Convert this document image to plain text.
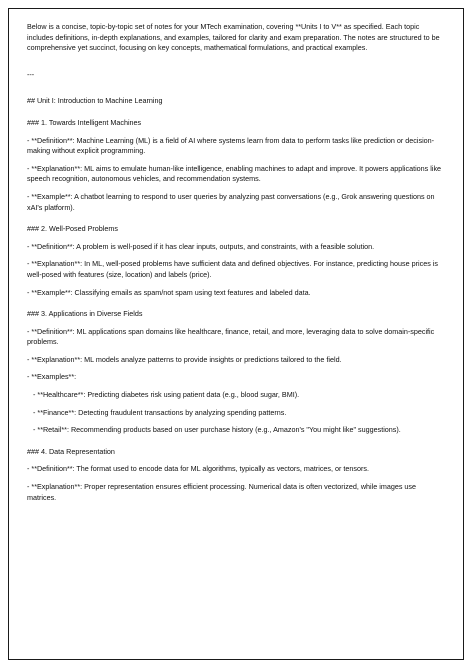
Below is a concise, topic-by-topic set of notes for your MTech examination, covering **Units I to V** as specified. Each topic includes definitions, in-depth explanations, and examples, tailored for clarity and exam preparation. The notes are structured to be comprehensive yet succinct, focusing on key concepts, mathematical formulations, and practical examples.

---

## Unit I: Introduction to Machine Learning

### 1. Towards Intelligent Machines

- **Definition**: Machine Learning (ML) is a field of AI where systems learn from data to perform tasks like prediction or decision-making without explicit programming.

- **Explanation**: ML aims to emulate human-like intelligence, enabling machines to adapt and improve. It powers applications like speech recognition, autonomous vehicles, and recommendation systems.

- **Example**: A chatbot learning to respond to user queries by analyzing past conversations (e.g., Grok answering questions on xAI's platform).

### 2. Well-Posed Problems

- **Definition**: A problem is well-posed if it has clear inputs, outputs, and constraints, with a feasible solution.

- **Explanation**: In ML, well-posed problems have sufficient data and defined objectives. For instance, predicting house prices is well-posed with features (size, location) and labels (price).

- **Example**: Classifying emails as spam/not spam using text features and labeled data.

### 3. Applications in Diverse Fields

- **Definition**: ML applications span domains like healthcare, finance, retail, and more, leveraging data to solve domain-specific problems.

- **Explanation**: ML models analyze patterns to provide insights or predictions tailored to the field.

- **Examples**:

- **Healthcare**: Predicting diabetes risk using patient data (e.g., blood sugar, BMI).

- **Finance**: Detecting fraudulent transactions by analyzing spending patterns.

- **Retail**: Recommending products based on user purchase history (e.g., Amazon's "You might like" suggestions).

### 4. Data Representation

- **Definition**: The format used to encode data for ML algorithms, typically as vectors, matrices, or tensors.

- **Explanation**: Proper representation ensures efficient processing. Numerical data is often vectorized, while images use matrices.
